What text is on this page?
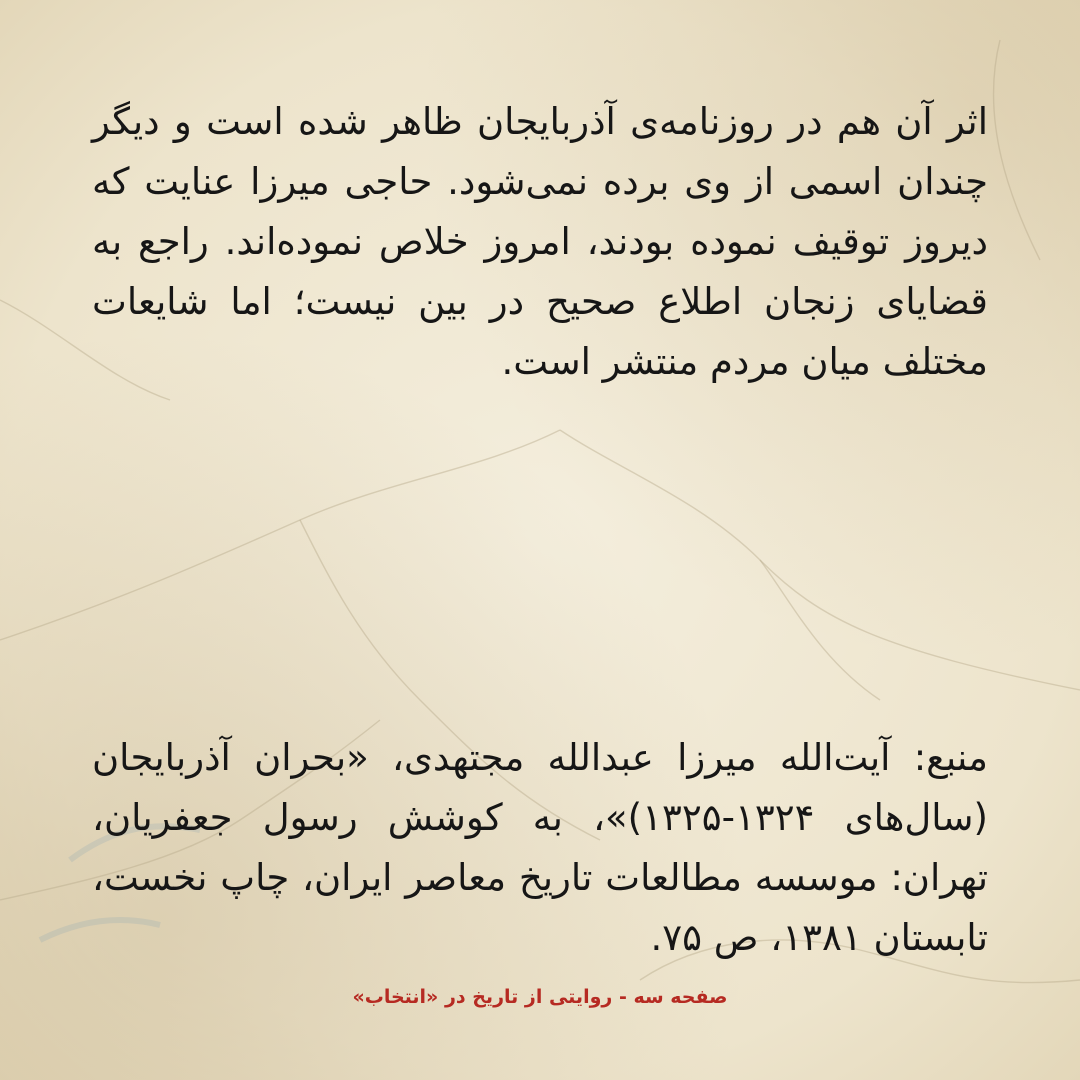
اثر آن هم در روزنامه‌ی آذربایجان ظاهر شده است و دیگر چندان اسمی از وی برده نمی‌شود. حاجی میرزا عنایت که دیروز توقیف نموده بودند، امروز خلاص نموده‌اند. راجع به قضایای زنجان اطلاع صحیح در بین نیست؛ اما شایعات مختلف میان مردم منتشر است.
منبع: آیت‌الله میرزا عبدالله مجتهدی، «بحران آذربایجان (سال‌های ۱۳۲۴-۱۳۲۵)»، به کوشش رسول جعفریان، تهران: موسسه مطالعات تاریخ معاصر ایران، چاپ نخست، تابستان ۱۳۸۱، ص ۷۵.
صفحه سه - روایتی از تاریخ در «انتخاب»
